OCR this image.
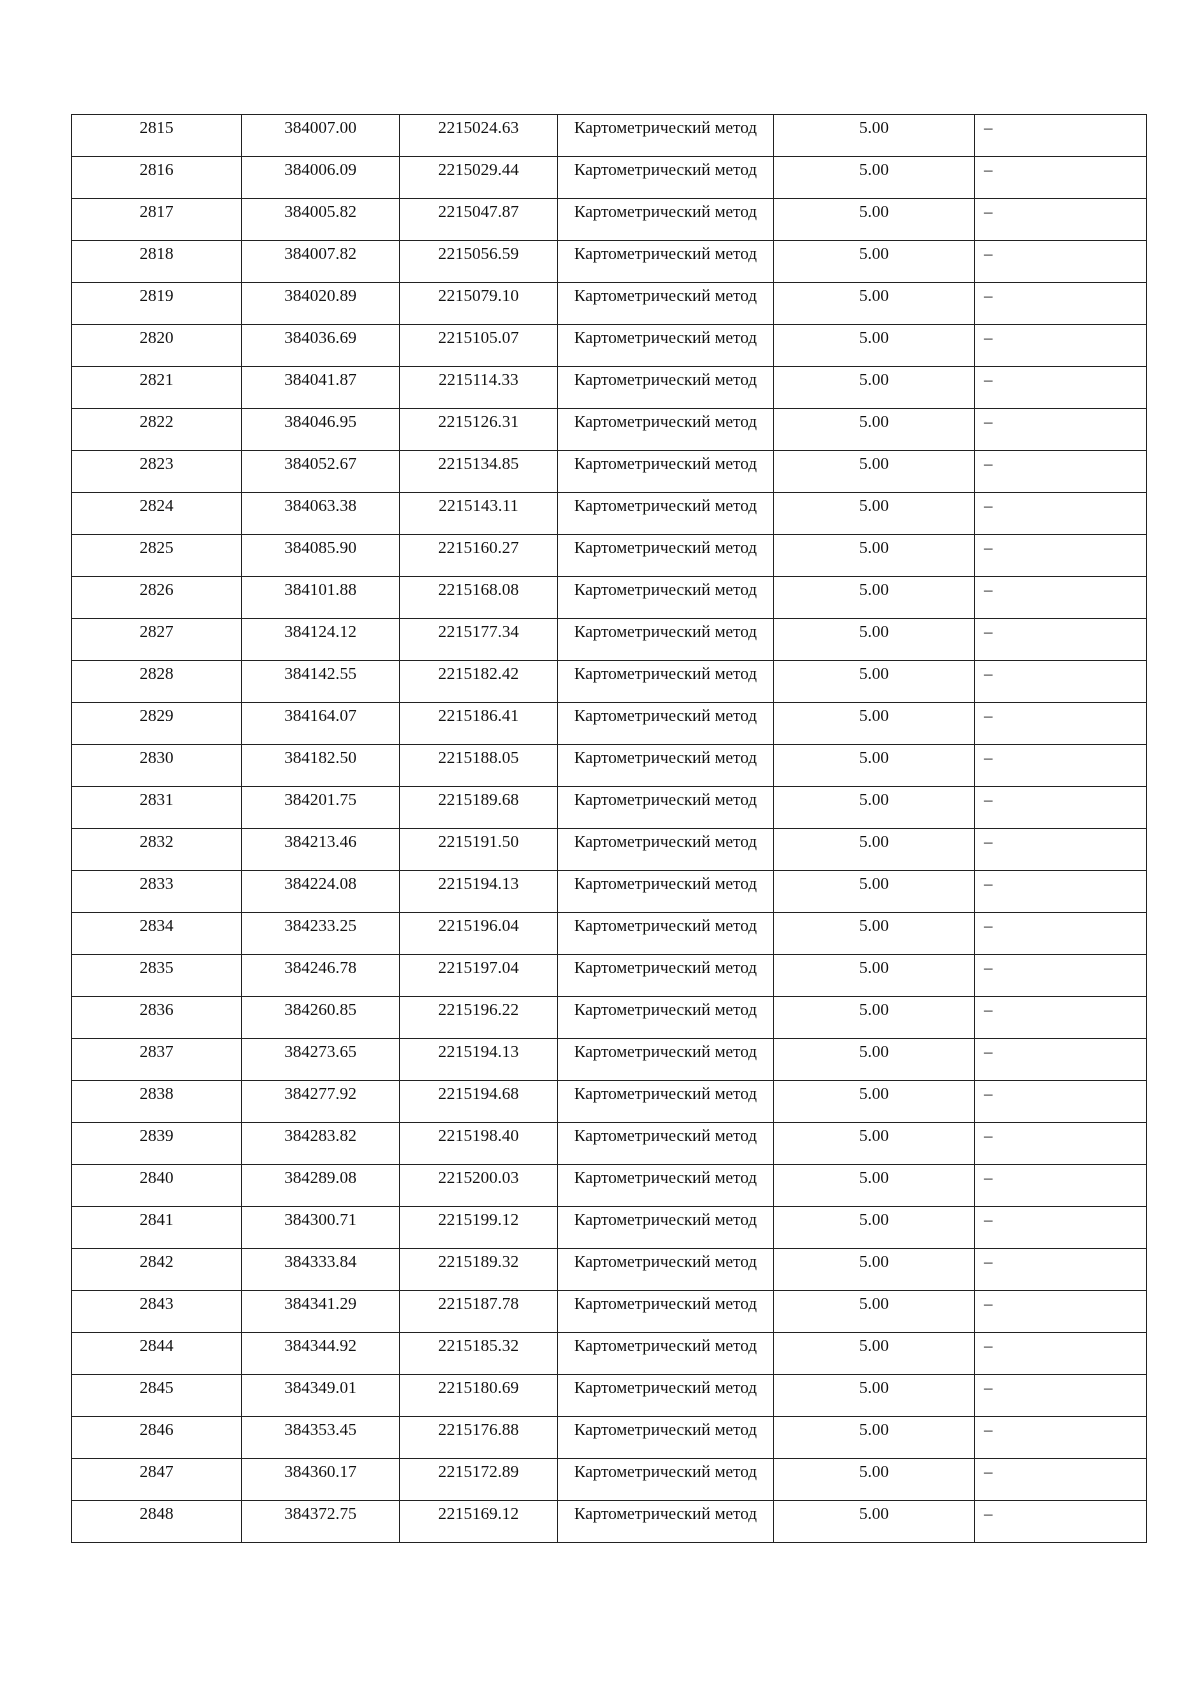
2815	384007.00	2215024.63	Картометрический метод	5.00	–

2816	384006.09	2215029.44	Картометрический метод	5.00	–

2817	384005.82	2215047.87	Картометрический метод	5.00	–

2818	384007.82	2215056.59	Картометрический метод	5.00	–

2819	384020.89	2215079.10	Картометрический метод	5.00	–

2820	384036.69	2215105.07	Картометрический метод	5.00	–

2821	384041.87	2215114.33	Картометрический метод	5.00	–

2822	384046.95	2215126.31	Картометрический метод	5.00	–

2823	384052.67	2215134.85	Картометрический метод	5.00	–

2824	384063.38	2215143.11	Картометрический метод	5.00	–

2825	384085.90	2215160.27	Картометрический метод	5.00	–

2826	384101.88	2215168.08	Картометрический метод	5.00	–

2827	384124.12	2215177.34	Картометрический метод	5.00	–

2828	384142.55	2215182.42	Картометрический метод	5.00	–

2829	384164.07	2215186.41	Картометрический метод	5.00	–

2830	384182.50	2215188.05	Картометрический метод	5.00	–

2831	384201.75	2215189.68	Картометрический метод	5.00	–

2832	384213.46	2215191.50	Картометрический метод	5.00	–

2833	384224.08	2215194.13	Картометрический метод	5.00	–

2834	384233.25	2215196.04	Картометрический метод	5.00	–

2835	384246.78	2215197.04	Картометрический метод	5.00	–

2836	384260.85	2215196.22	Картометрический метод	5.00	–

2837	384273.65	2215194.13	Картометрический метод	5.00	–

2838	384277.92	2215194.68	Картометрический метод	5.00	–

2839	384283.82	2215198.40	Картометрический метод	5.00	–

2840	384289.08	2215200.03	Картометрический метод	5.00	–

2841	384300.71	2215199.12	Картометрический метод	5.00	–

2842	384333.84	2215189.32	Картометрический метод	5.00	–

2843	384341.29	2215187.78	Картометрический метод	5.00	–

2844	384344.92	2215185.32	Картометрический метод	5.00	–

2845	384349.01	2215180.69	Картометрический метод	5.00	–

2846	384353.45	2215176.88	Картометрический метод	5.00	–

2847	384360.17	2215172.89	Картометрический метод	5.00	–

2848	384372.75	2215169.12	Картометрический метод	5.00	–
